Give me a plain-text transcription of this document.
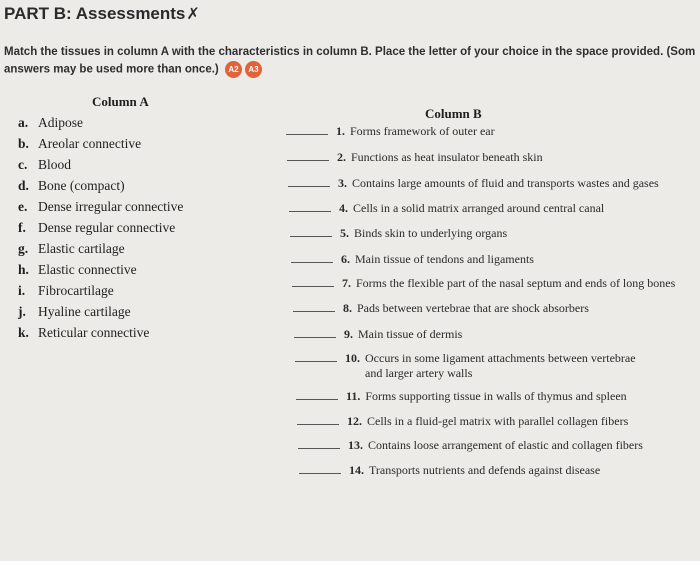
PART B: Assessments✗
Match the tissues in column A with the characteristics in column B. Place the letter of your choice in the space provided. (Som
answers may be used more than once.) A2 A3
Column A
Column B
a. Adipose
b. Areolar connective
c. Blood
d. Bone (compact)
e. Dense irregular connective
f. Dense regular connective
g. Elastic cartilage
h. Elastic connective
i. Fibrocartilage
j. Hyaline cartilage
k. Reticular connective
1. Forms framework of outer ear
2. Functions as heat insulator beneath skin
3. Contains large amounts of fluid and transports wastes and gases
4. Cells in a solid matrix arranged around central canal
5. Binds skin to underlying organs
6. Main tissue of tendons and ligaments
7. Forms the flexible part of the nasal septum and ends of long bones
8. Pads between vertebrae that are shock absorbers
9. Main tissue of dermis
10. Occurs in some ligament attachments between vertebrae
and larger artery walls
11. Forms supporting tissue in walls of thymus and spleen
12. Cells in a fluid-gel matrix with parallel collagen fibers
13. Contains loose arrangement of elastic and collagen fibers
14. Transports nutrients and defends against disease
